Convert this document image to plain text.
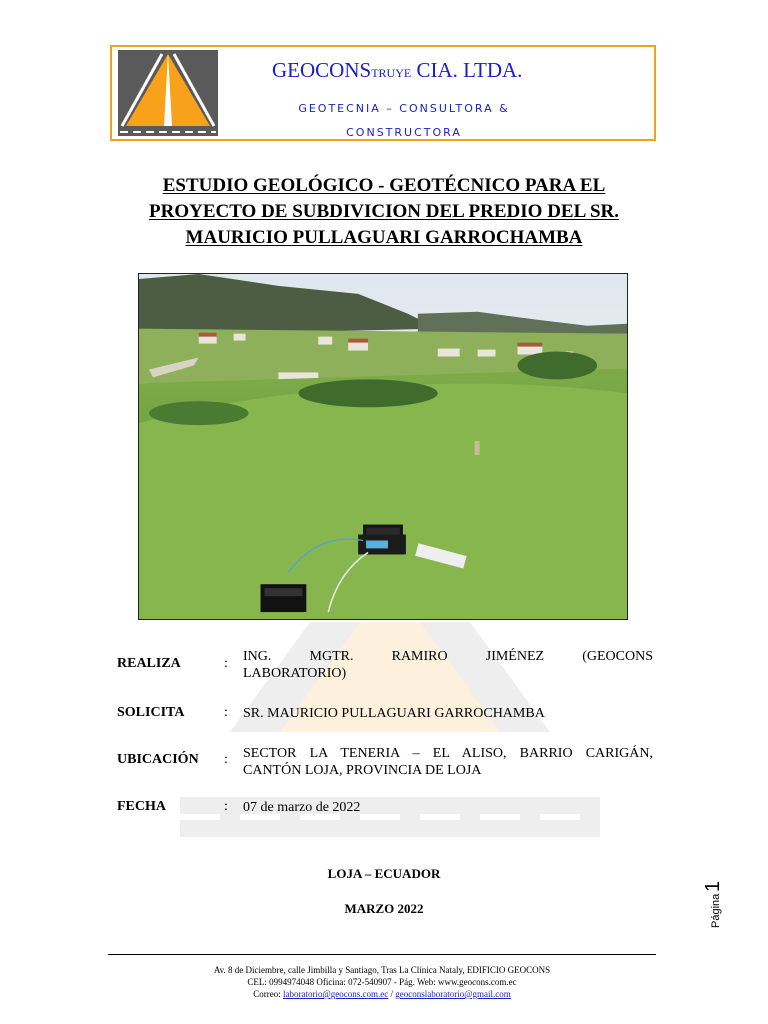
GEOCONSTRUYE CIA. LTDA.
GEOTECNIA – CONSULTORA &
CONSTRUCTORA
ESTUDIO GEOLÓGICO - GEOTÉCNICO PARA EL
PROYECTO DE SUBDIVICION DEL PREDIO DEL SR.
MAURICIO PULLAGUARI GARROCHAMBA
REALIZA	: ING. MGTR. RAMIRO JIMÉNEZ (GEOCONS
LABORATORIO)
SOLICITA	: SR. MAURICIO PULLAGUARI GARROCHAMBA
UBICACIÓN : SECTOR LA TENERIA – EL ALISO, BARRIO CARIGÁN,
CANTÓN LOJA, PROVINCIA DE LOJA
FECHA	: 07 de marzo de 2022
LOJA – ECUADOR
MARZO 2022	Página
1
Av. 8 de Diciembre, calle Jimbilla y Santiago, Tras La Clínica Nataly, EDIFICIO GEOCONS
CEL: 0994974048 Oficina: 072-540907 - Pág. Web: www.geocons.com.ec
Correo: laboratorio@geocons.com.ec / geoconslaboratorio@gmail.com
